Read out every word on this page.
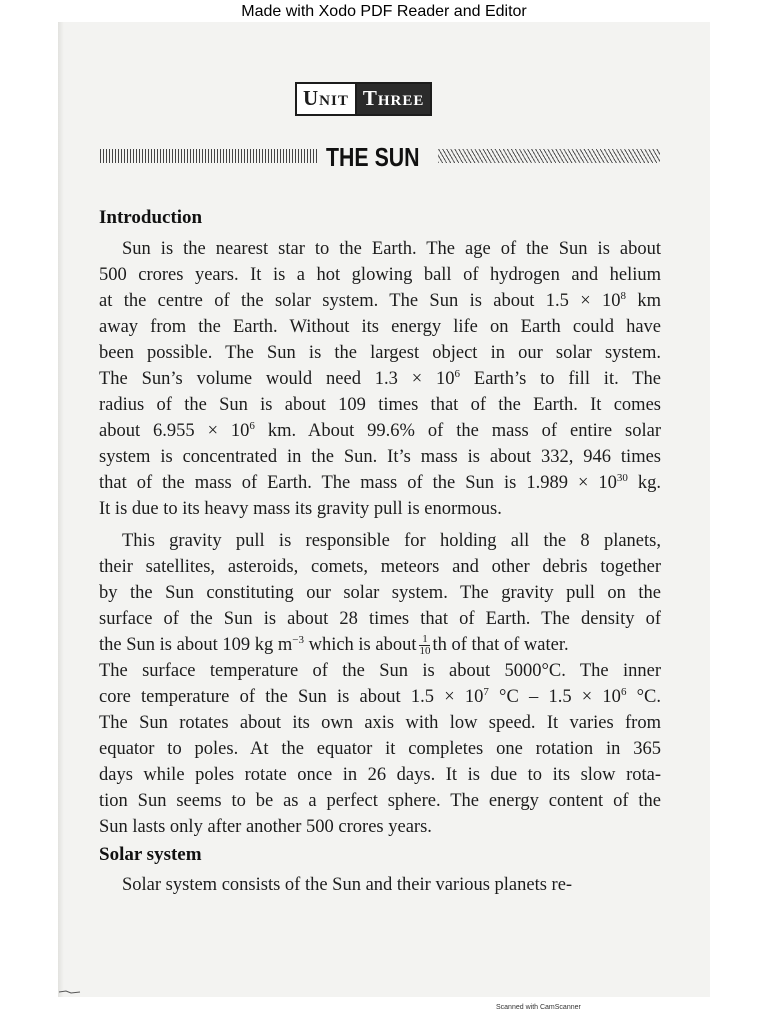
Made with Xodo PDF Reader and Editor
Unit Three
THE SUN
Introduction
Sun is the nearest star to the Earth. The age of the Sun is about
500 crores years. It is a hot glowing ball of hydrogen and helium
at the centre of the solar system. The Sun is about $1.5 \times 10^8$ km
away from the Earth. Without its energy life on Earth could have
been possible. The Sun is the largest object in our solar system.
The Sun’s volume would need $1.3 \times 10^6$ Earth’s to fill it. The
radius of the Sun is about 109 times that of the Earth. It comes
about $6.955 \times 10^6$ km. About 99.6% of the mass of entire solar
system is concentrated in the Sun. It’s mass is about 332, 946 times
that of the mass of Earth. The mass of the Sun is $1.989 \times 10^{30}$ kg.
It is due to its heavy mass its gravity pull is enormous.
This gravity pull is responsible for holding all the 8 planets,
their satellites, asteroids, comets, meteors and other debris together
by the Sun constituting our solar system. The gravity pull on the
surface of the Sun is about 28 times that of Earth. The density of
the Sun is about 109 kg $m^{-3}$ which is about $\frac{1}{10}$ th of that of water.
The surface temperature of the Sun is about 5000°C. The inner
core temperature of the Sun is about $1.5 \times 10^7$ $^\circ C - 1.5 \times 10^6$ °C.
The Sun rotates about its own axis with low speed. It varies from
equator to poles. At the equator it completes one rotation in 365
days while poles rotate once in 26 days. It is due to its slow rota-
tion Sun seems to be as a perfect sphere. The energy content of the
Sun lasts only after another 500 crores years.
Solar system
Solar system consists of the Sun and their various planets re-
Scanned with CamScanner
